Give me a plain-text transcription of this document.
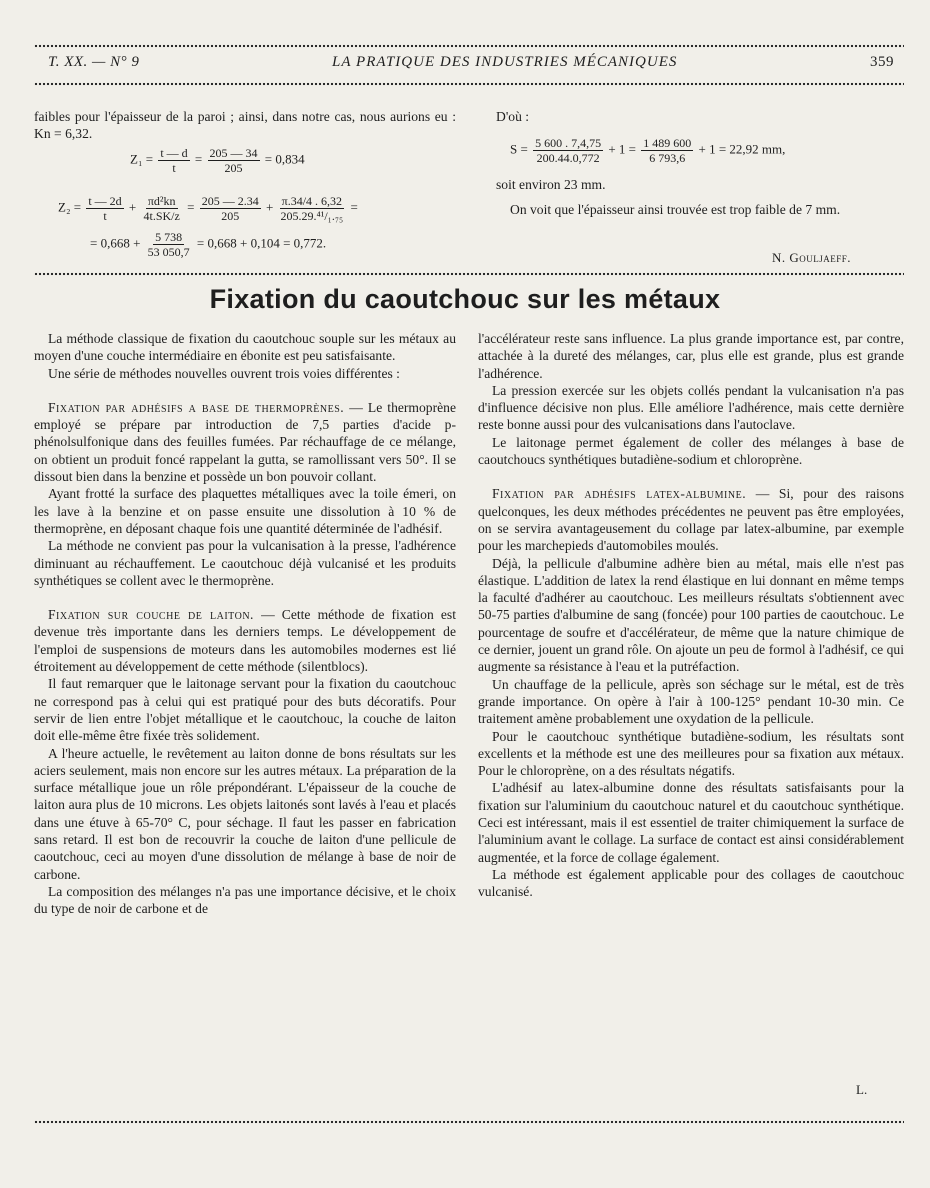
T. XX. — N° 9	LA PRATIQUE DES INDUSTRIES MÉCANIQUES	359

faibles pour l'épaisseur de la paroi ; ainsi, dans notre cas, nous aurions eu : Kn = 6,32.

$Z_1 = \frac{t — d}{t} = \frac{205 — 34}{205} = 0,834$
$Z_2 = \frac{t — 2d}{t} + \frac{\text{πd²kn}}{4t.SK/z} = \frac{205 — 2.34}{205} + \frac{\pi.34/4 . 6,32}{\text{205.29.⁴¹/₁.₇₅}}$ =
= $0,668 + \frac{5 738}{53 050,7} = 0,668 + 0,104 = 0,772$.

D'où :

$S = \frac{5 600 . 7,4,75}{200.44.0,772} + 1 = \frac{1 489 600}{6 793,6} + 1 = 22,92$ mm,

soit environ 23 mm.

On voit que l'épaisseur ainsi trouvée est trop faible de 7 mm.

N. Gouljaeff.
Fixation du caoutchouc sur les métaux

La méthode classique de fixation du caoutchouc souple sur les métaux au moyen d'une couche intermédiaire en ébonite est peu satisfaisante.

Une série de méthodes nouvelles ouvrent trois voies différentes :

Fixation par adhésifs a base de thermoprènes. — Le thermoprène employé se prépare par introduction de 7,5 parties d'acide p-phénolsulfonique dans des feuilles fumées. Par réchauffage de ce mélange, on obtient un produit foncé rappelant la gutta, se ramollissant vers 50°. Il se dissout bien dans la benzine et possède un bon pouvoir collant.

Ayant frotté la surface des plaquettes métalliques avec la toile émeri, on les lave à la benzine et on passe ensuite une dissolution à 10 % de thermoprène, en déposant chaque fois une quantité déterminée de l'adhésif.

La méthode ne convient pas pour la vulcanisation à la presse, l'adhérence diminuant au réchauffement. Le caoutchouc déjà vulcanisé et les produits synthétiques se collent avec le thermoprène.

Fixation sur couche de laiton. — Cette méthode de fixation est devenue très importante dans les derniers temps. Le développement de l'emploi de suspensions de moteurs dans les automobiles modernes est lié étroitement au développement de cette méthode (silentblocs).

Il faut remarquer que le laitonage servant pour la fixation du caoutchouc ne correspond pas à celui qui est pratiqué pour des buts décoratifs. Pour servir de lien entre l'objet métallique et le caoutchouc, la couche de laiton doit elle-même être fixée très solidement.

A l'heure actuelle, le revêtement au laiton donne de bons résultats sur les aciers seulement, mais non encore sur les autres métaux. La préparation de la surface métallique joue un rôle prépondérant. L'épaisseur de la couche de laiton aura plus de 10 microns. Les objets laitonés sont lavés à l'eau et placés dans une étuve à 65-70° C, pour séchage. Il faut les passer en fabrication sans retard. Il est bon de recouvrir la couche de laiton d'une pellicule de caoutchouc, ceci au moyen d'une dissolution de mélange à base de noir de carbone.

La composition des mélanges n'a pas une importance décisive, et le choix du type de noir de carbone et de

l'accélérateur reste sans influence. La plus grande importance est, par contre, attachée à la dureté des mélanges, car, plus elle est grande, plus est grande l'adhérence.

La pression exercée sur les objets collés pendant la vulcanisation n'a pas d'influence décisive non plus. Elle améliore l'adhérence, mais cette dernière reste bonne aussi pour des vulcanisations dans l'autoclave.

Le laitonage permet également de coller des mélanges à base de caoutchoucs synthétiques butadiène-sodium et chloroprène.

Fixation par adhésifs latex-albumine. — Si, pour des raisons quelconques, les deux méthodes précédentes ne peuvent pas être employées, on se servira avantageusement du collage par latex-albumine, par exemple pour les marchepieds d'automobiles moulés.

Déjà, la pellicule d'albumine adhère bien au métal, mais elle n'est pas élastique. L'addition de latex la rend élastique en lui donnant en même temps la faculté d'adhérer au caoutchouc. Les meilleurs résultats s'obtiennent avec 50-75 parties d'albumine de sang (foncée) pour 100 parties de caoutchouc. Le pourcentage de soufre et d'accélérateur, de même que la nature chimique de ce dernier, jouent un grand rôle. On ajoute un peu de formol à l'adhésif, ce qui augmente sa résistance à l'eau et la putréfaction.

Un chauffage de la pellicule, après son séchage sur le métal, est de très grande importance. On opère à l'air à 100-125° pendant 10-30 min. Ce traitement amène probablement une oxydation de la pellicule.

Pour le caoutchouc synthétique butadiène-sodium, les résultats sont excellents et la méthode est une des meilleures pour sa fixation aux métaux. Pour le chloroprène, on a des résultats négatifs.

L'adhésif au latex-albumine donne des résultats satisfaisants pour la fixation sur l'aluminium du caoutchouc naturel et du caoutchouc synthétique. Ceci est intéressant, mais il est essentiel de traiter chimiquement la surface de l'aluminium avant le collage. La surface de contact est ainsi considérablement augmentée, et la force de collage également.

La méthode est également applicable pour des collages de caoutchouc vulcanisé.

L.
